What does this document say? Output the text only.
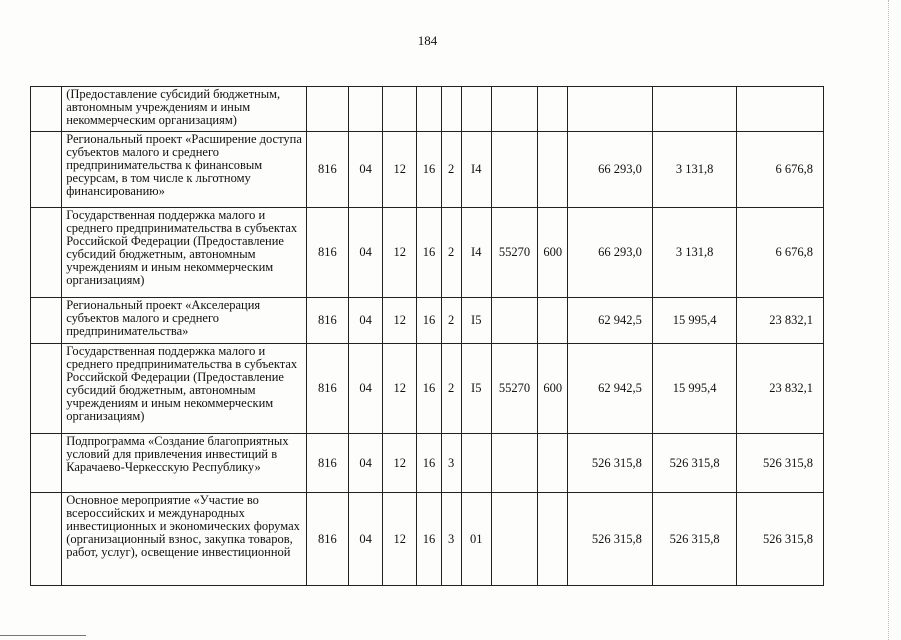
184
	(Предоставление субсидий бюджетным, автономным учреждениям и иным некоммерческим организациям)											
	Региональный проект «Расширение доступа субъектов малого и среднего предпринимательства к финансовым ресурсам, в том числе к льготному финансированию»	816	04	12	16	2	I4			66 293,0	3 131,8	6 676,8
	Государственная поддержка малого и среднего предпринимательства в субъектах Российской Федерации (Предоставление субсидий бюджетным, автономным учреждениям и иным некоммерческим организациям)	816	04	12	16	2	I4	55270	600	66 293,0	3 131,8	6 676,8
	Региональный проект «Акселерация субъектов малого и среднего предпринимательства»	816	04	12	16	2	I5			62 942,5	15 995,4	23 832,1
	Государственная поддержка малого и среднего предпринимательства в субъектах Российской Федерации (Предоставление субсидий бюджетным, автономным учреждениям и иным некоммерческим организациям)	816	04	12	16	2	I5	55270	600	62 942,5	15 995,4	23 832,1
	Подпрограмма «Создание благоприятных условий для привлечения инвестиций в Карачаево-Черкесскую Республику»	816	04	12	16	3				526 315,8	526 315,8	526 315,8
	Основное мероприятие «Участие во всероссийских и международных инвестиционных и экономических форумах (организационный взнос, закупка товаров, работ, услуг), освещение инвестиционной	816	04	12	16	3	01			526 315,8	526 315,8	526 315,8
